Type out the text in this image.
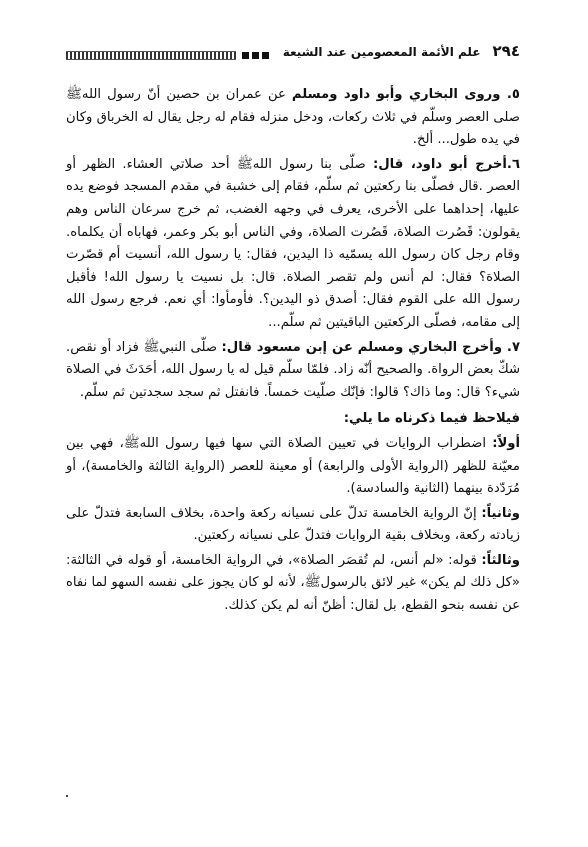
٢٩٤
علم الأئمة المعصومين عند الشيعة

٥. وروى البخاري وأبو داود ومسلم عن عمران بن حصين أنّ رسول اللهﷺ صلى العصر وسلّم في ثلاث ركعات، ودخل منزله فقام له رجل يقال له الخرباق وكان في يده طول... ألخ.

٦.أخرج أبو داود، قال: صلّى بنا رسول اللهﷺ أحد صلاتي العشاء. الظهر أو العصر .قال فصلّى بنا ركعتين ثم سلّم، فقام إلى خشبة في مقدم المسجد فوضع يده عليها، إحداهما على الأخرى، يعرف في وجهه الغضب، ثم خرج سرعان الناس وهم يقولون: قَصُرت الصلاة، قَصُرت الصلاة، وفي الناس أبو بكر وعمر، فهاباه أن يكلماه. وقام رجل كان رسول الله يسمّيه ذا اليدين، فقال: يا رسول الله، أنسيت أم قصّرت الصلاة؟ فقال: لم أنس ولم تقصر الصلاة. قال: بل نسيت يا رسول الله! فأقبل رسول الله على القوم فقال: أصدق ذو اليدين؟. فأومأوا: أي نعم. فرجع رسول الله إلى مقامه، فصلّى الركعتين الباقيتين ثم سلّم...

٧. وأخرج البخاري ومسلم عن إبن مسعود قال: صلّى النبيﷺ فزاد أو نقص. شكّ بعض الرواة. والصحيح أنّه زاد. فلمّا سلّم قيل له يا رسول الله، أحَدَثَ في الصلاة شيء؟ قال: وما ذاك؟ قالوا: فإنّك صلّيت خمساً. فانفتل ثم سجد سجدتين ثم سلّم.

فيلاحظ فيما ذكرناه ما يلي:

أولاً: اضطراب الروايات في تعيين الصلاة التي سها فيها رسول اللهﷺ، فهي بين معيّنة للظهر (الرواية الأولى والرابعة) أو معينة للعصر (الرواية الثالثة والخامسة)، أو مُرَدّدة بينهما (الثانية والسادسة).

وثانياً: إنّ الرواية الخامسة تدلّ على نسيانه ركعة واحدة، بخلاف السابعة فتدلّ على زيادته ركعة، وبخلاف بقية الروايات فتدلّ على نسيانه ركعتين.

وثالثاً: قوله: «لم أنس، لم تُقصَر الصلاة»، في الرواية الخامسة، أو قوله في الثالثة: «كل ذلك لم يكن» غير لائق بالرسولﷺ، لأنه لو كان يجوز على نفسه السهو لما نفاه عن نفسه بنحو القطع، بل لقال: أظنّ أنه لم يكن كذلك.
